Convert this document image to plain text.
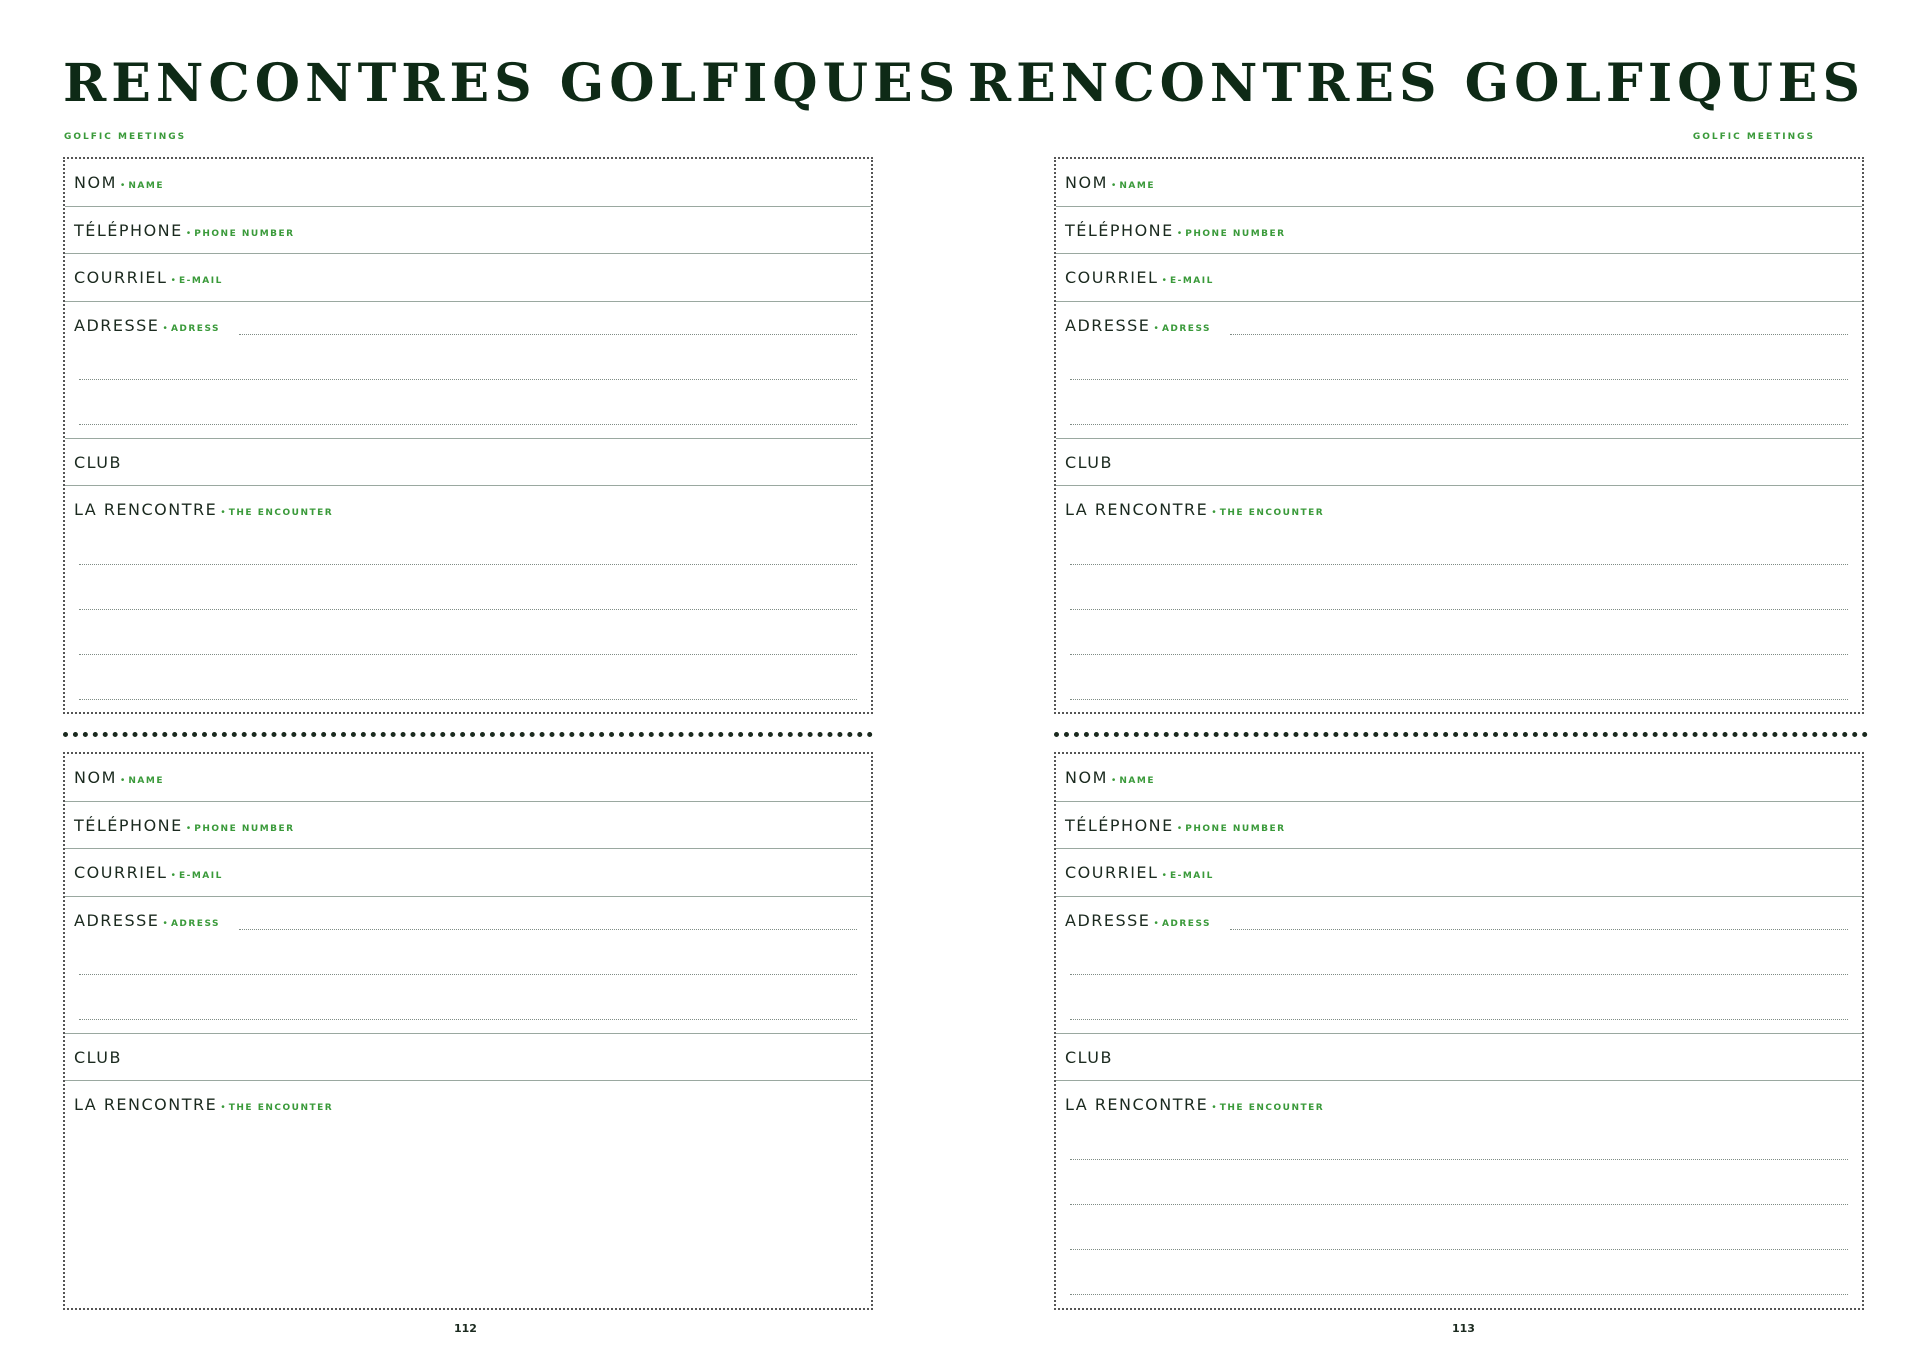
RENCONTRES GOLFIQUES
GOLFIC MEETINGS
NOM • NAME
TÉLÉPHONE • PHONE NUMBER
COURRIEL • E-MAIL
ADRESSE • ADRESS
CLUB
LA RENCONTRE • THE ENCOUNTER
NOM • NAME
TÉLÉPHONE • PHONE NUMBER
COURRIEL • E-MAIL
ADRESSE • ADRESS
CLUB
LA RENCONTRE • THE ENCOUNTER
112
RENCONTRES GOLFIQUES
GOLFIC MEETINGS
NOM • NAME
TÉLÉPHONE • PHONE NUMBER
COURRIEL • E-MAIL
ADRESSE • ADRESS
CLUB
LA RENCONTRE • THE ENCOUNTER
NOM • NAME
TÉLÉPHONE • PHONE NUMBER
COURRIEL • E-MAIL
ADRESSE • ADRESS
CLUB
LA RENCONTRE • THE ENCOUNTER
113
